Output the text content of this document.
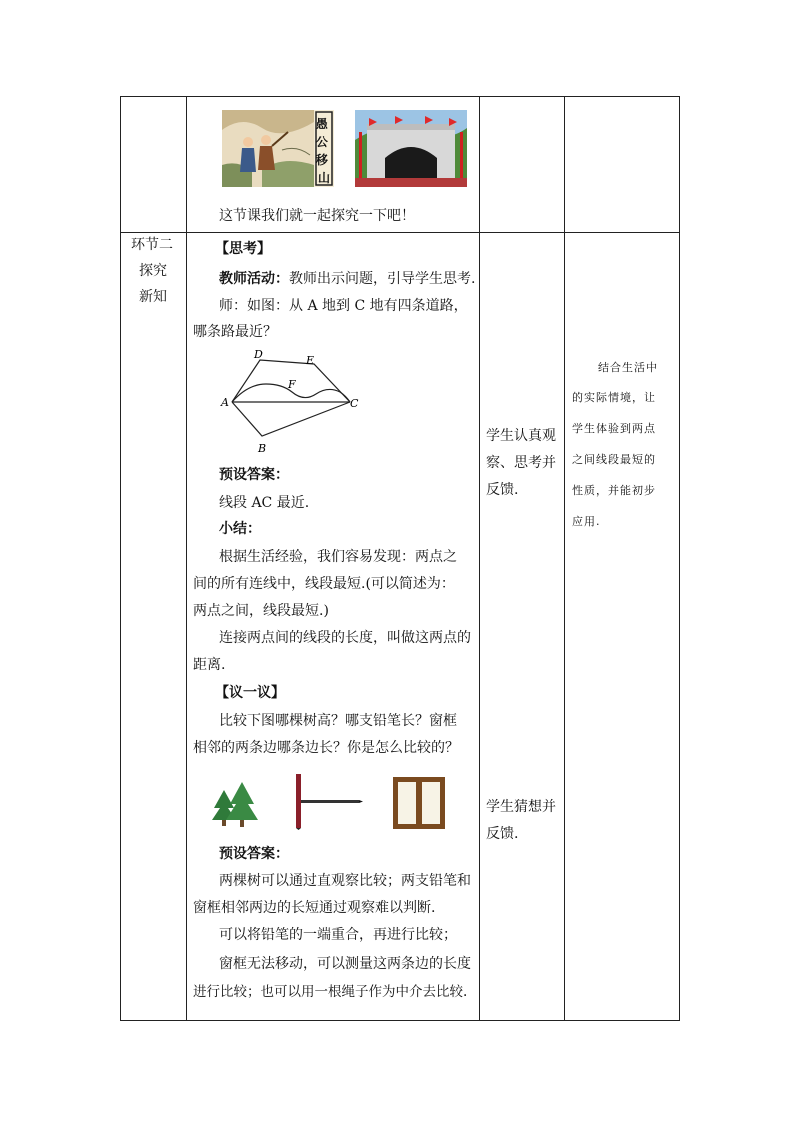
愚 公 移 山
这节课我们就一起探究一下吧！
环节二
探究
新知
【思考】
教师活动：教师出示问题，引导学生思考.
师：如图：从 A 地到 C 地有四条道路，
哪条路最近？
D	E
F
A	C
B
预设答案：
线段 AC 最近.
小结：
根据生活经验，我们容易发现：两点之
间的所有连线中，线段最短.(可以简述为：
两点之间，线段最短.)
连接两点间的线段的长度，叫做这两点的
距离.
【议一议】
比较下图哪棵树高？哪支铅笔长？窗框
相邻的两条边哪条边长？你是怎么比较的？
预设答案：
两棵树可以通过直观察比较；两支铅笔和
窗框相邻两边的长短通过观察难以判断.
可以将铅笔的一端重合，再进行比较；
窗框无法移动，可以测量这两条边的长度
进行比较；也可以用一根绳子作为中介去比较.
学生认真观
察、思考并
反馈.
学生猜想并
反馈.
结合生活中
的实际情境，让
学生体验到两点
之间线段最短的
性质，并能初步
应用.
